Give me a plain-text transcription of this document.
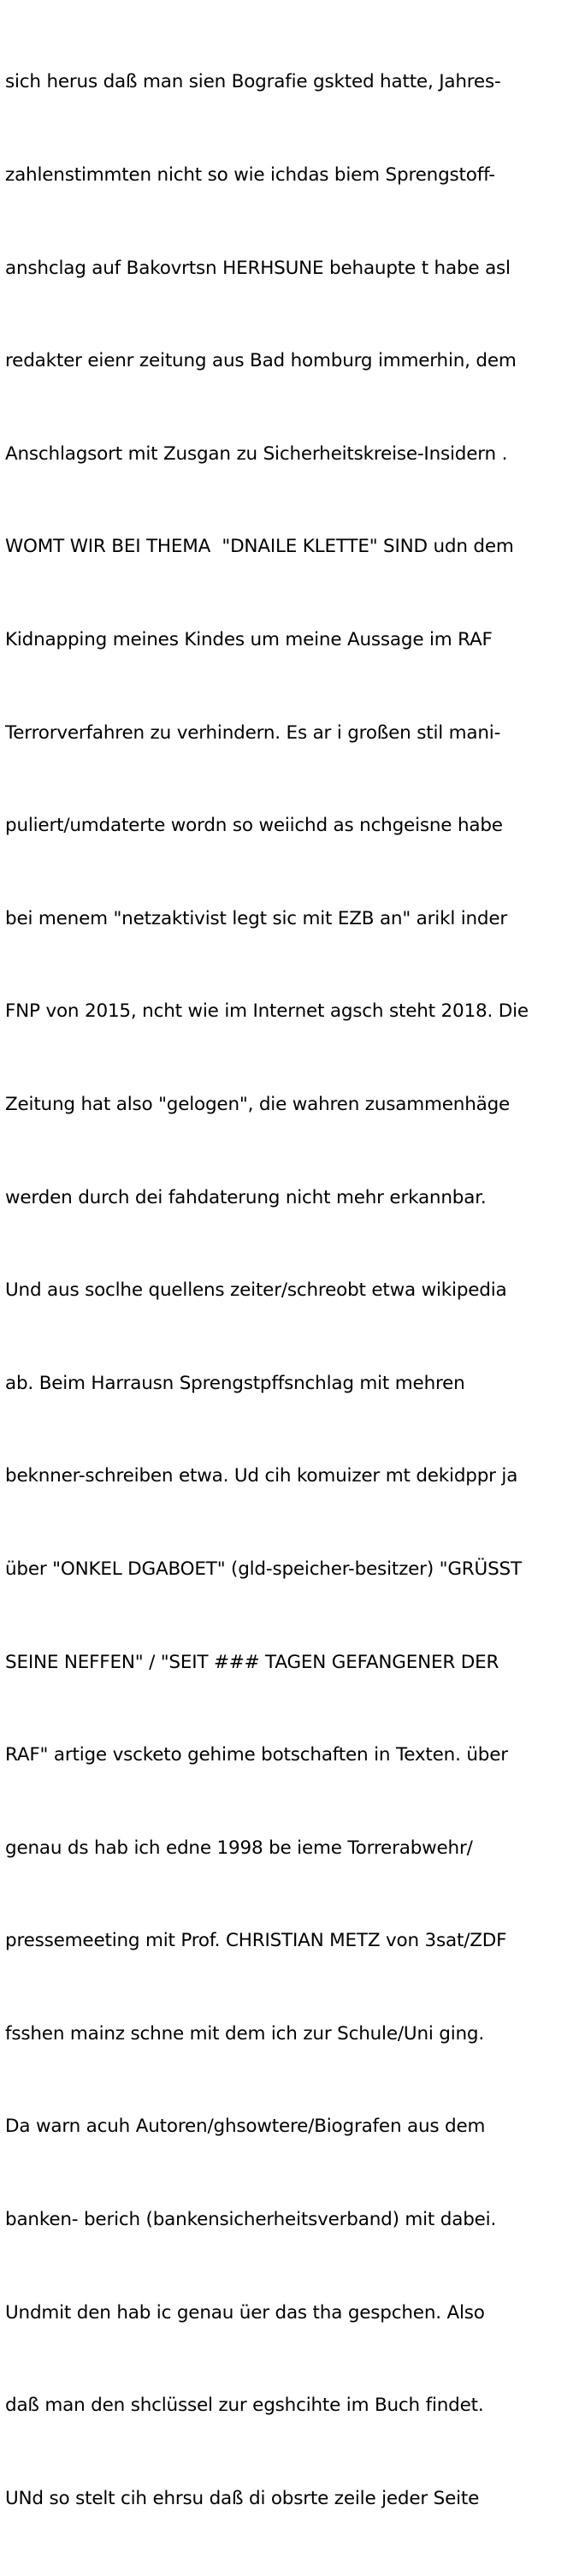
sich herus daß man sien Bografie gskted hatte, Jahres-

zahlenstimmten nicht so wie ichdas biem Sprengstoff-

anshclag auf Bakovrtsn HERHSUNE behaupte t habe asl

redakter eienr zeitung aus Bad homburg immerhin, dem

Anschlagsort mit Zusgan zu Sicherheitskreise-Insidern .

WOMT WIR BEI THEMA  "DNAILE KLETTE" SIND udn dem

Kidnapping meines Kindes um meine Aussage im RAF

Terrorverfahren zu verhindern. Es ar i großen stil mani-

puliert/umdaterte wordn so weiichd as nchgeisne habe

bei menem "netzaktivist legt sic mit EZB an" arikl inder

FNP von 2015, ncht wie im Internet agsch steht 2018. Die

Zeitung hat also "gelogen", die wahren zusammenhäge

werden durch dei fahdaterung nicht mehr erkannbar.

Und aus soclhe quellens zeiter/schreobt etwa wikipedia

ab. Beim Harrausn Sprengstpffsnchlag mit mehren

beknner-schreiben etwa. Ud cih komuizer mt dekidppr ja

über "ONKEL DGABOET" (gld-speicher-besitzer) "GRÜSST

SEINE NEFFEN" / "SEIT ### TAGEN GEFANGENER DER

RAF" artige vscketo gehime botschaften in Texten. über

genau ds hab ich edne 1998 be ieme Torrerabwehr/

pressemeeting mit Prof. CHRISTIAN METZ von 3sat/ZDF

fsshen mainz schne mit dem ich zur Schule/Uni ging.

Da warn acuh Autoren/ghsowtere/Biografen aus dem

banken- berich (bankensicherheitsverband) mit dabei.

Undmit den hab ic genau üer das tha gespchen. Also

daß man den shclüssel zur egshcihte im Buch findet.

UNd so stelt cih ehrsu daß di obsrte zeile jeder Seite
